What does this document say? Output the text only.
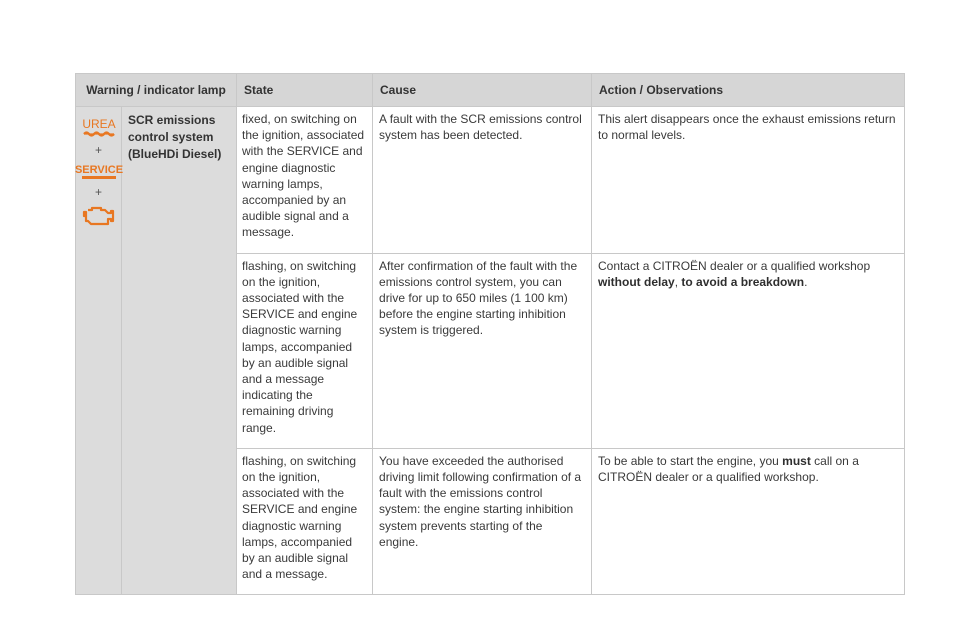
Warning / indicator lamp		State	Cause	Action / Observations

UREA
+
SERVICE
+	SCR emissions control system (BlueHDi Diesel)	fixed, on switching on the ignition, associated with the SERVICE and engine diagnostic warning lamps, accompanied by an audible signal and a message.	A fault with the SCR emissions control system has been detected.	This alert disappears once the exhaust emissions return to normal levels.
		flashing, on switching on the ignition, associated with the SERVICE and engine diagnostic warning lamps, accompanied by an audible signal and a message indicating the remaining driving range.	After confirmation of the fault with the emissions control system, you can drive for up to 650 miles (1 100 km) before the engine starting inhibition system is triggered.	Contact a CITROËN dealer or a qualified workshop
without delay, to avoid a breakdown.
		flashing, on switching on the ignition, associated with the SERVICE and engine diagnostic warning lamps, accompanied by an audible signal and a message.	You have exceeded the authorised driving limit following confirmation of a fault with the emissions control system: the engine starting inhibition system prevents starting of the engine.	To be able to start the engine, you must call on a CITROËN dealer or a qualified workshop.
